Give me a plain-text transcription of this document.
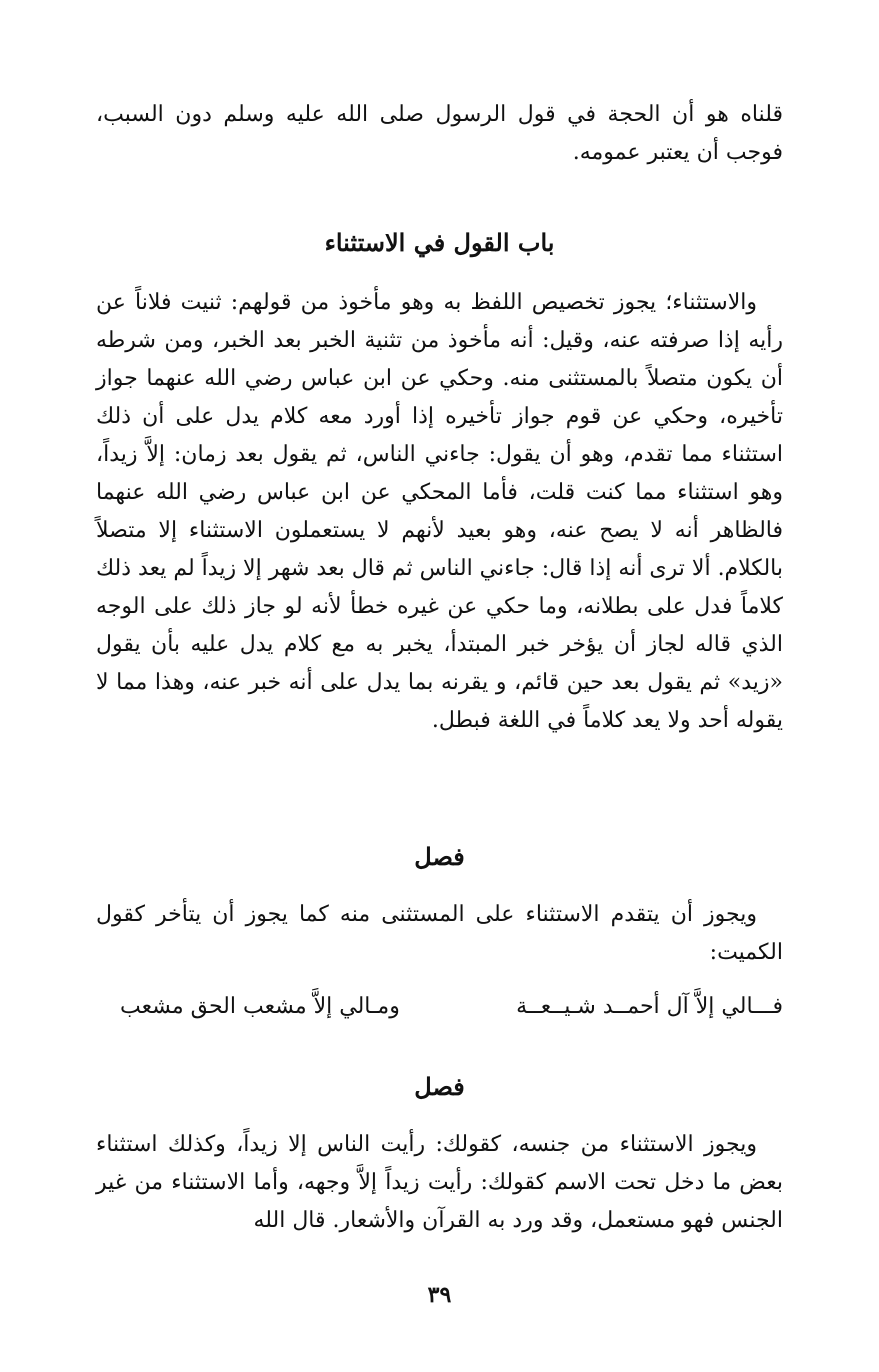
قلناه هو أن الحجة في قول الرسول صلى الله عليه وسلم دون السبب، فوجب أن يعتبر عمومه.
باب القول في الاستثناء
والاستثناء؛ يجوز تخصيص اللفظ به وهو مأخوذ من قولهم: ثنيت فلاناً عن رأيه إذا صرفته عنه، وقيل: أنه مأخوذ من تثنية الخبر بعد الخبر، ومن شرطه أن يكون متصلاً بالمستثنى منه. وحكي عن ابن عباس رضي الله عنهما جواز تأخيره، وحكي عن قوم جواز تأخيره إذا أورد معه كلام يدل على أن ذلك استثناء مما تقدم، وهو أن يقول: جاءني الناس، ثم يقول بعد زمان: إلاَّ زيداً، وهو استثناء مما كنت قلت، فأما المحكي عن ابن عباس رضي الله عنهما فالظاهر أنه لا يصح عنه، وهو بعيد لأنهم لا يستعملون الاستثناء إلا متصلاً بالكلام. ألا ترى أنه إذا قال: جاءني الناس ثم قال بعد شهر إلا زيداً لم يعد ذلك كلاماً فدل على بطلانه، وما حكي عن غيره خطأ لأنه لو جاز ذلك على الوجه الذي قاله لجاز أن يؤخر خبر المبتدأ، يخبر به مع كلام يدل عليه بأن يقول «زيد» ثم يقول بعد حين قائم، و يقرنه بما يدل على أنه خبر عنه، وهذا مما لا يقوله أحد ولا يعد كلاماً في اللغة فبطل.
فصل
ويجوز أن يتقدم الاستثناء على المستثنى منه كما يجوز أن يتأخر كقول الكميت:
فـــالي إلاَّ آل أحمــد شـيــعــة
ومـالي إلاَّ مشعب الحق مشعب
فصل
ويجوز الاستثناء من جنسه، كقولك: رأيت الناس إلا زيداً، وكذلك استثناء بعض ما دخل تحت الاسم كقولك: رأيت زيداً إلاَّ وجهه، وأما الاستثناء من غير الجنس فهو مستعمل، وقد ورد به القرآن والأشعار. قال الله
٣٩
